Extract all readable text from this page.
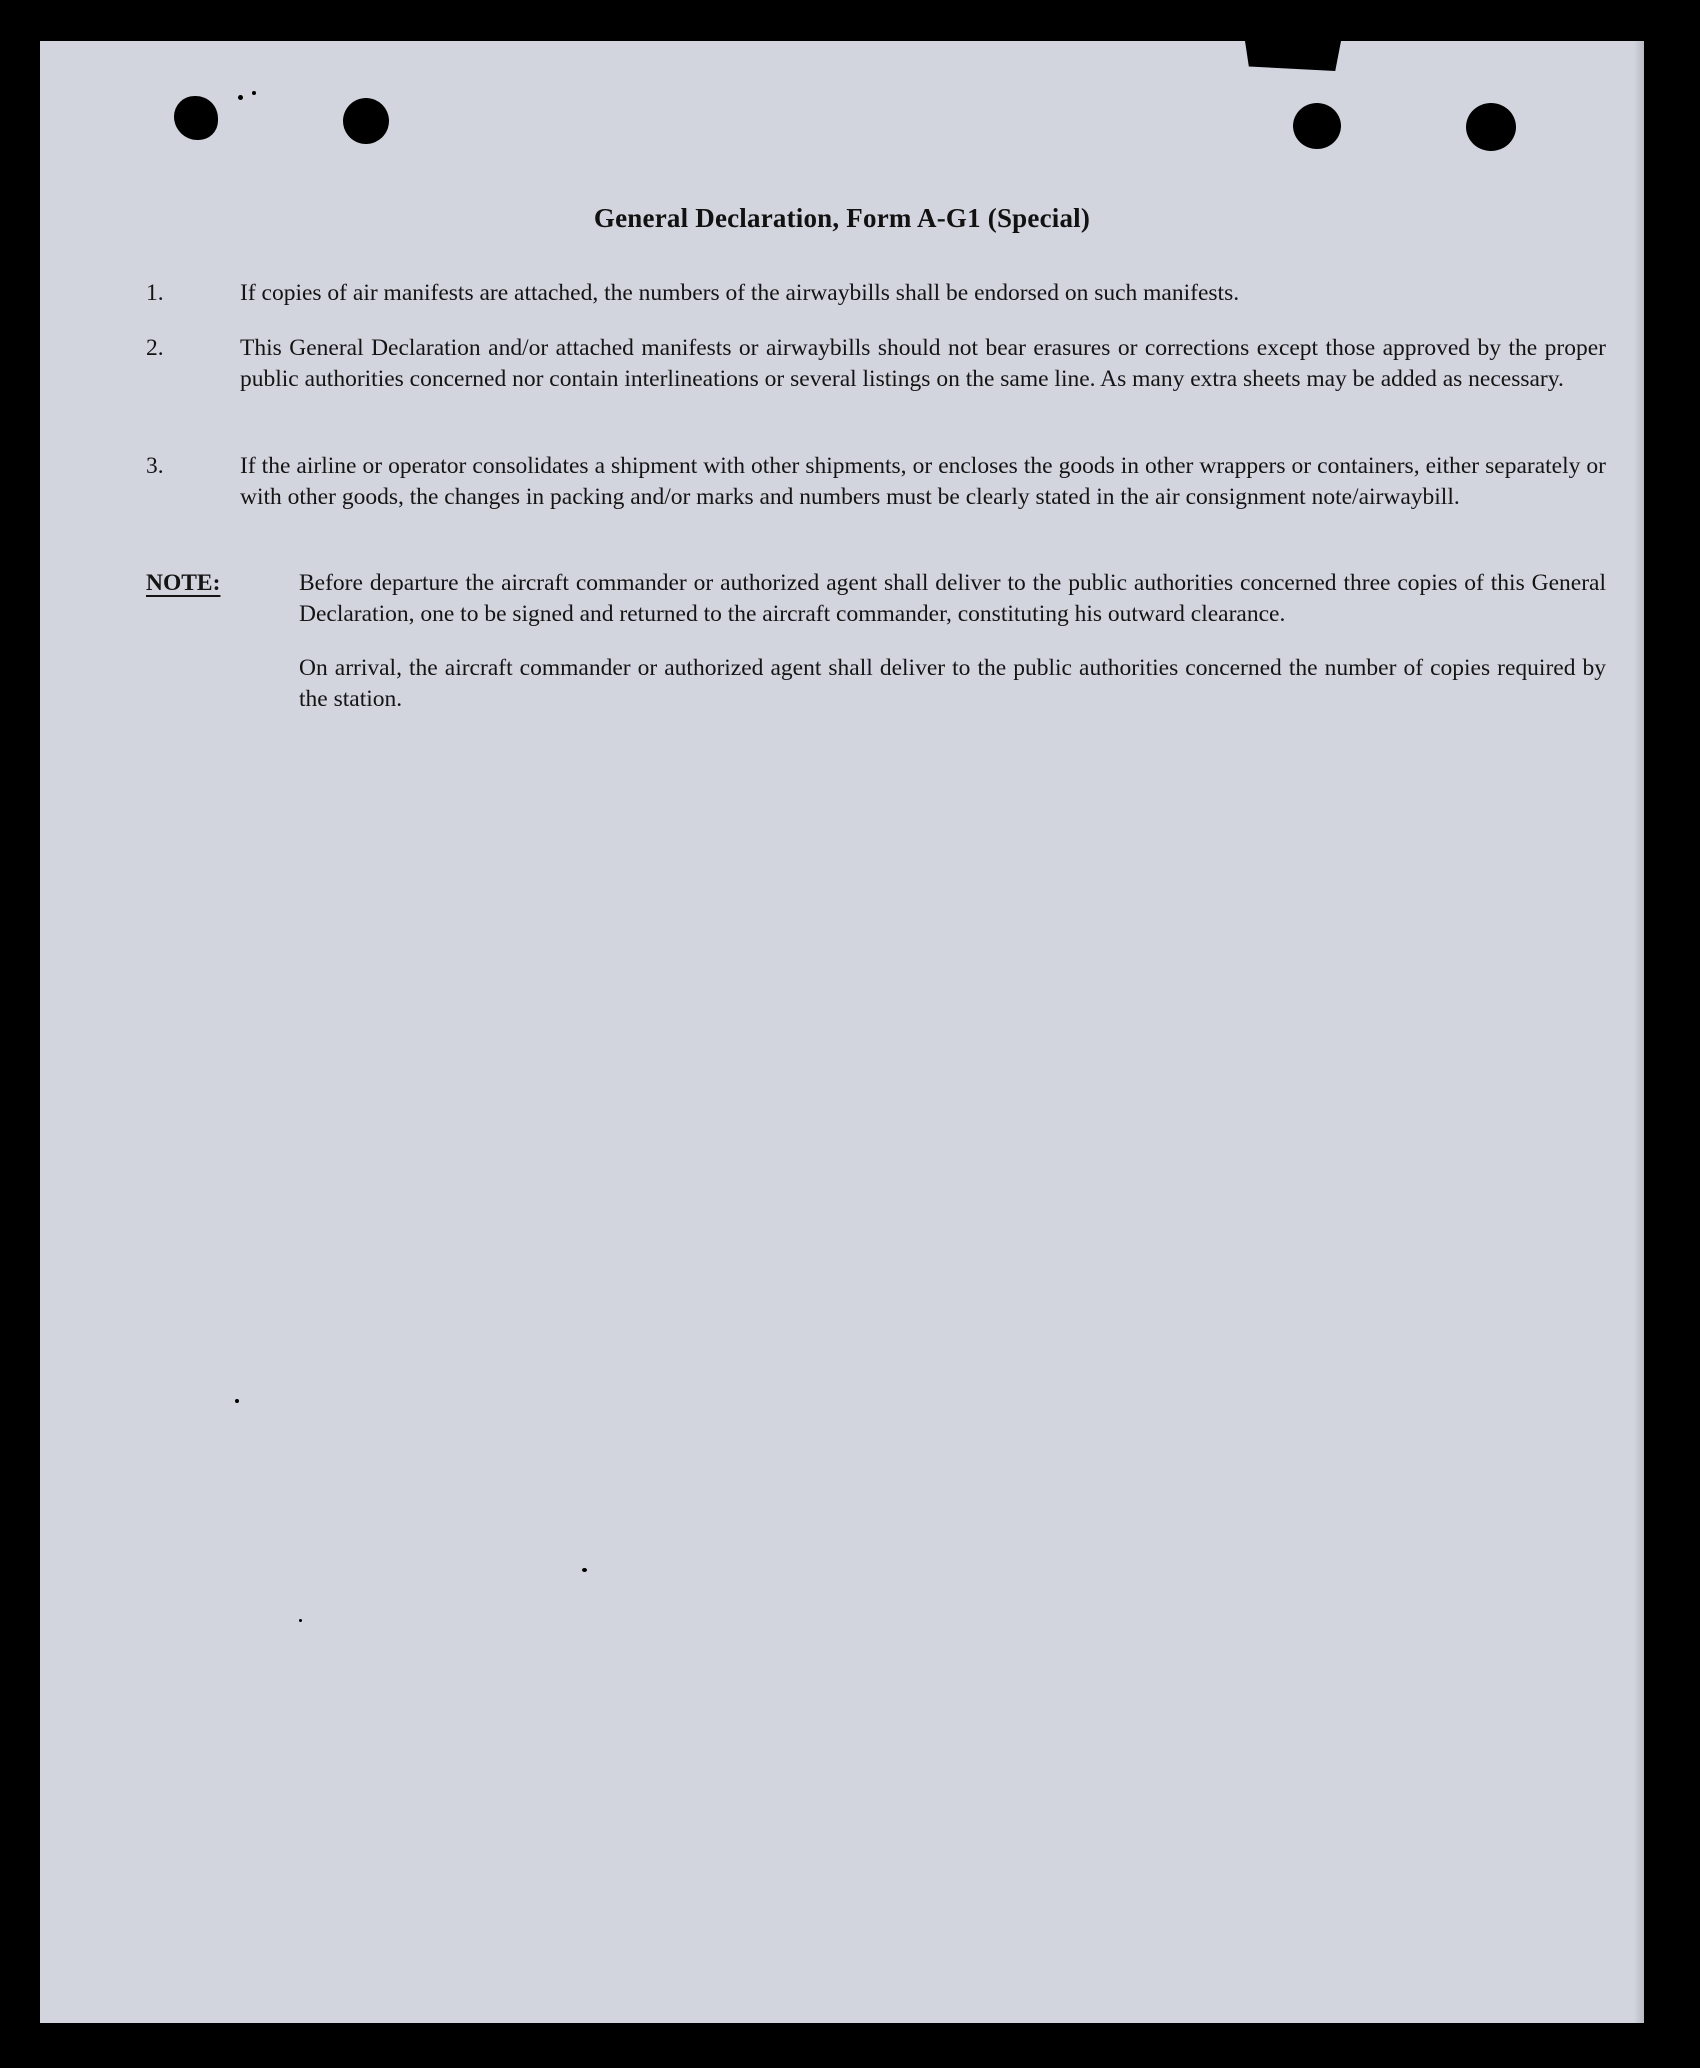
General Declaration, Form A-G1 (Special)
1.	If copies of air manifests are attached, the numbers of the airwaybills shall be endorsed on such manifests.
2.	This General Declaration and/or attached manifests or airwaybills should not bear erasures or corrections except those approved by the proper public authorities concerned nor contain interlineations or several listings on the same line. As many extra sheets may be added as necessary.
3.	If the airline or operator consolidates a shipment with other shipments, or encloses the goods in other wrappers or containers, either separately or with other goods, the changes in packing and/or marks and numbers must be clearly stated in the air consignment note/airwaybill.
NOTE:	Before departure the aircraft commander or authorized agent shall deliver to the public authorities concerned three copies of this General Declaration, one to be signed and returned to the aircraft commander, constituting his outward clearance.
On arrival, the aircraft commander or authorized agent shall deliver to the public authorities concerned the number of copies required by the station.
